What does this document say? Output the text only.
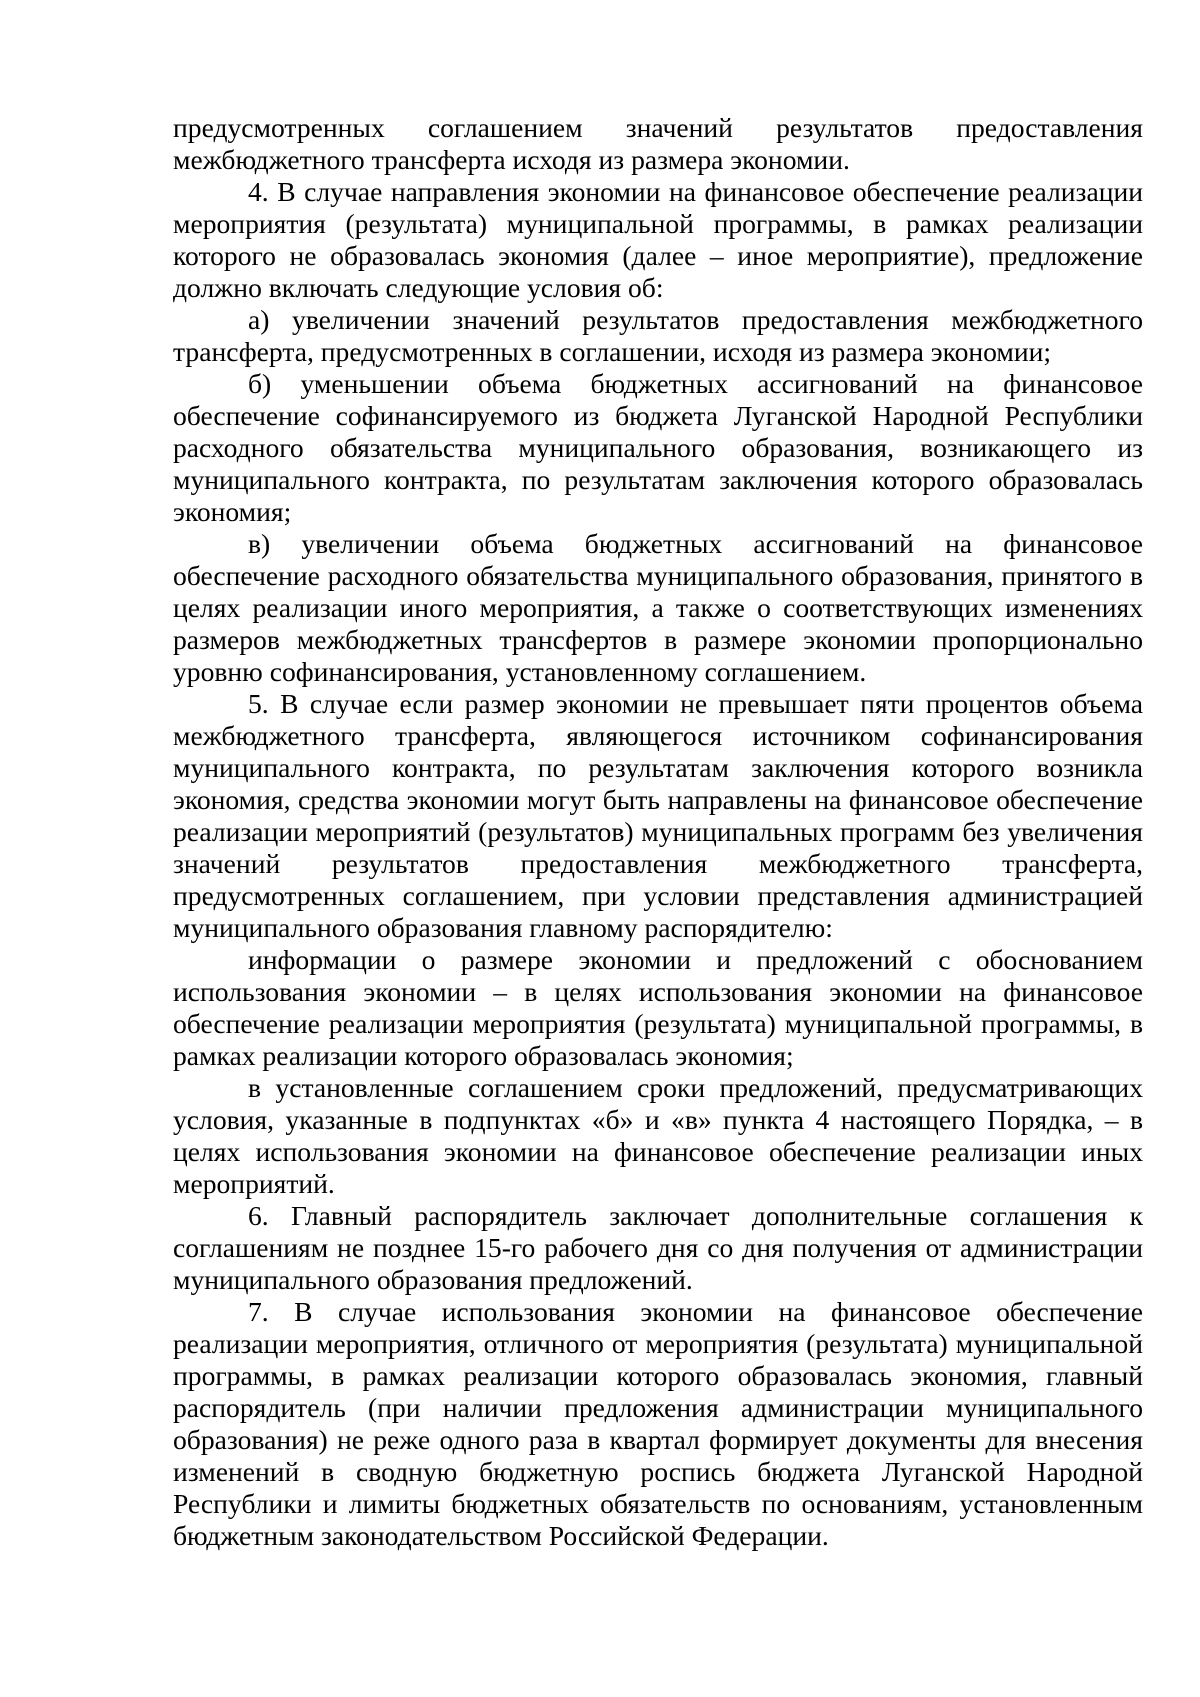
предусмотренных соглашением значений результатов предоставления межбюджетного трансферта исходя из размера экономии.

4. В случае направления экономии на финансовое обеспечение реализации мероприятия (результата) муниципальной программы, в рамках реализации которого не образовалась экономия (далее – иное мероприятие), предложение должно включать следующие условия об:

а) увеличении значений результатов предоставления межбюджетного трансферта, предусмотренных в соглашении, исходя из размера экономии;

б) уменьшении объема бюджетных ассигнований на финансовое обеспечение софинансируемого из бюджета Луганской Народной Республики расходного обязательства муниципального образования, возникающего из муниципального контракта, по результатам заключения которого образовалась экономия;

в) увеличении объема бюджетных ассигнований на финансовое обеспечение расходного обязательства муниципального образования, принятого в целях реализации иного мероприятия, а также о соответствующих изменениях размеров межбюджетных трансфертов в размере экономии пропорционально уровню софинансирования, установленному соглашением.

5. В случае если размер экономии не превышает пяти процентов объема межбюджетного трансферта, являющегося источником софинансирования муниципального контракта, по результатам заключения которого возникла экономия, средства экономии могут быть направлены на финансовое обеспечение реализации мероприятий (результатов) муниципальных программ без увеличения значений результатов предоставления межбюджетного трансферта, предусмотренных соглашением, при условии представления администрацией муниципального образования главному распорядителю:

информации о размере экономии и предложений с обоснованием использования экономии – в целях использования экономии на финансовое обеспечение реализации мероприятия (результата) муниципальной программы, в рамках реализации которого образовалась экономия;

в установленные соглашением сроки предложений, предусматривающих условия, указанные в подпунктах «б» и «в» пункта 4 настоящего Порядка, – в целях использования экономии на финансовое обеспечение реализации иных мероприятий.

6. Главный распорядитель заключает дополнительные соглашения к соглашениям не позднее 15-го рабочего дня со дня получения от администрации муниципального образования предложений.

7. В случае использования экономии на финансовое обеспечение реализации мероприятия, отличного от мероприятия (результата) муниципальной программы, в рамках реализации которого образовалась экономия, главный распорядитель (при наличии предложения администрации муниципального образования) не реже одного раза в квартал формирует документы для внесения изменений в сводную бюджетную роспись бюджета Луганской Народной Республики и лимиты бюджетных обязательств по основаниям, установленным бюджетным законодательством Российской Федерации.
